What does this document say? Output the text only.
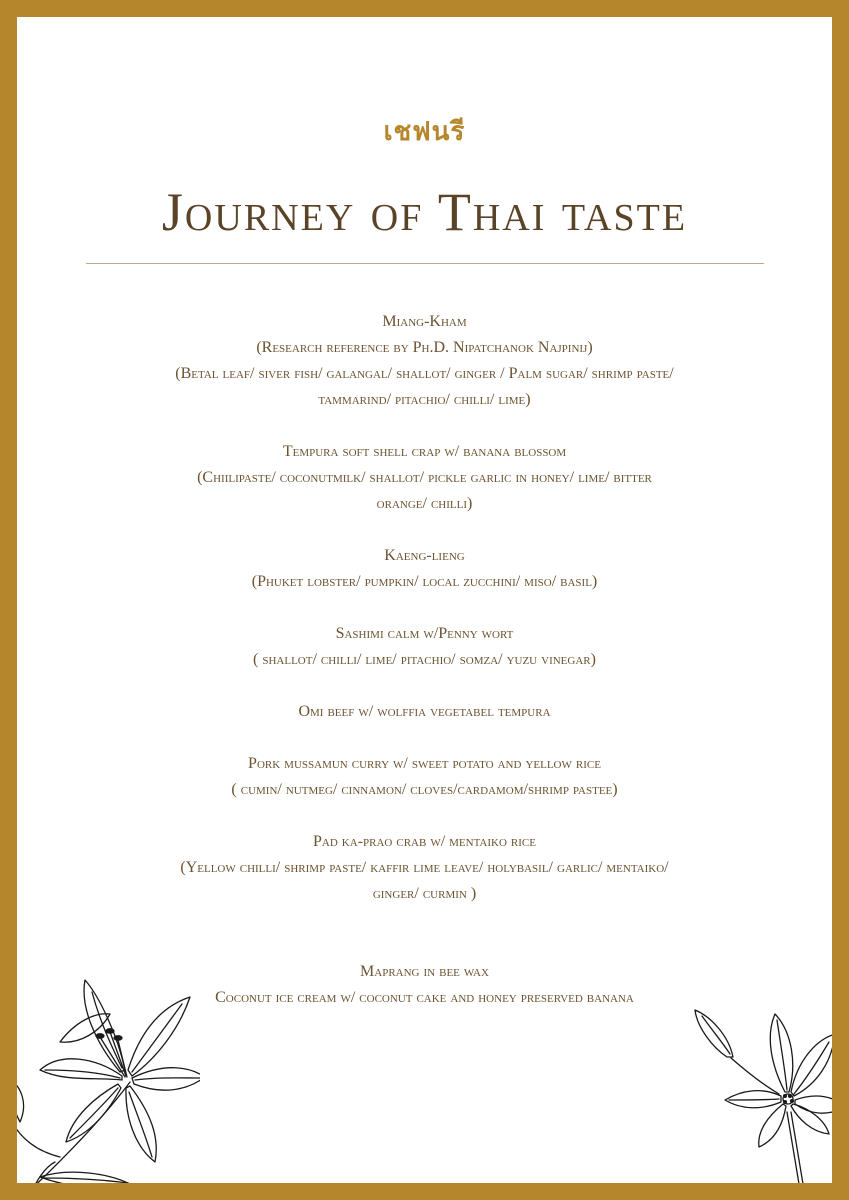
เชฟนรี
Journey of Thai taste
Miang-Kham
(Research reference by Ph.D. Nipatchanok Najpinij)
(Betal leaf/ siver fish/ galangal/ shallot/ ginger / Palm sugar/ shrimp paste/
tammarind/ pitachio/ chilli/ lime)
Tempura soft shell crap w/ banana blossom
(Chiilipaste/ coconutmilk/ shallot/ pickle garlic in honey/ lime/ bitter
orange/ chilli)
Kaeng-lieng
(Phuket lobster/ pumpkin/ local zucchini/ miso/ basil)
Sashimi calm w/Penny wort
( shallot/ chilli/ lime/ pitachio/ somza/ yuzu vinegar)
Omi beef w/ wolffia vegetabel tempura
Pork mussamun curry w/ sweet potato and yellow rice
( cumin/ nutmeg/ cinnamon/ cloves/cardamom/shrimp pastee)
Pad ka-prao crab w/ mentaiko rice
(Yellow chilli/ shrimp paste/ kaffir lime leave/ holybasil/ garlic/ mentaiko/
ginger/ curmin )
Maprang in bee wax
Coconut ice cream w/ coconut cake and honey preserved banana
